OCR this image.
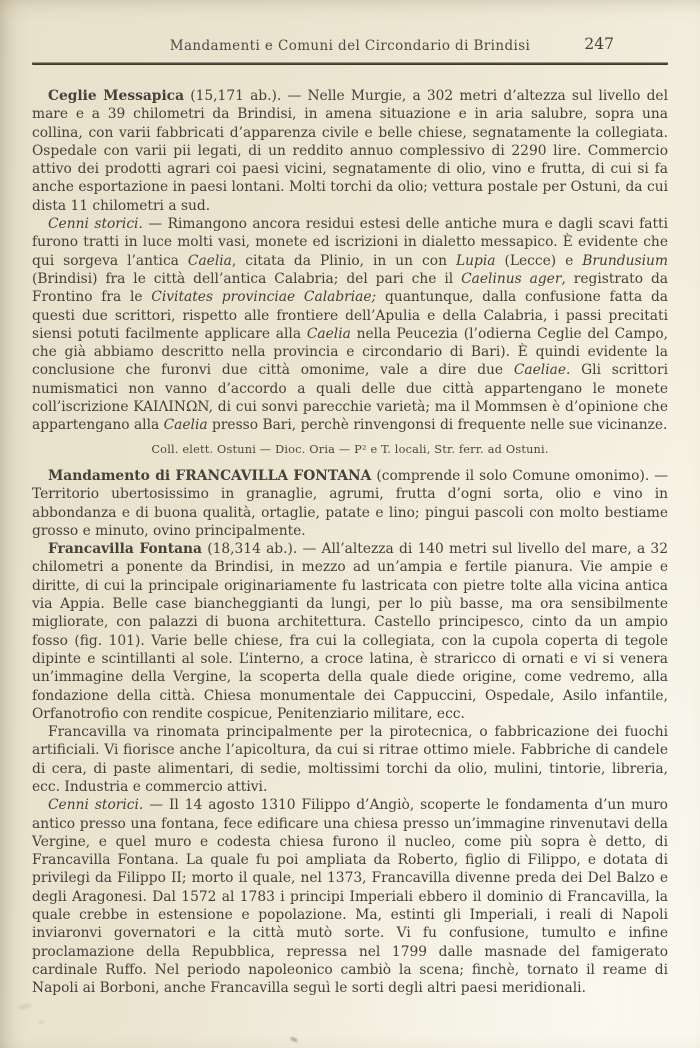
Mandamenti e Comuni del Circondario di Brindisi	247

Ceglie Messapica (15,171 ab.). — Nelle Murgie, a 302 metri d’altezza sul livello del mare e a 39 chilometri da Brindisi, in amena situazione e in aria salubre, sopra una collina, con varii fabbricati d’apparenza civile e belle chiese, segnatamente la collegiata. Ospedale con varii pii legati, di un reddito annuo complessivo di 2290 lire. Commercio attivo dei prodotti agrari coi paesi vicini, segnatamente di olio, vino e frutta, di cui si fa anche esportazione in paesi lontani. Molti torchi da olio; vettura postale per Ostuni, da cui dista 11 chilometri a sud.

Cenni storici. — Rimangono ancora residui estesi delle antiche mura e dagli scavi fatti furono tratti in luce molti vasi, monete ed iscrizioni in dialetto messapico. È evidente che qui sorgeva l’antica Caelia, citata da Plinio, in un con Lupia (Lecce) e Brundusium (Brindisi) fra le città dell’antica Calabria; del pari che il Caelinus ager, registrato da Frontino fra le Civitates provinciae Calabriae; quantunque, dalla confusione fatta da questi due scrittori, rispetto alle frontiere dell’Apulia e della Calabria, i passi precitati siensi potuti facilmente applicare alla Caelia nella Peucezia (l’odierna Ceglie del Campo, che già abbiamo descritto nella provincia e circondario di Bari). È quindi evidente la conclusione che furonvi due città omonime, vale a dire due Caeliae. Gli scrittori numismatici non vanno d’accordo a quali delle due città appartengano le monete coll’iscrizione KAIΛINΩN, di cui sonvi parecchie varietà; ma il Mommsen è d’opinione che appartengano alla Caelia presso Bari, perchè rinvengonsi di frequente nelle sue vicinanze.

Coll. elett. Ostuni — Dioc. Oria — P² e T. locali, Str. ferr. ad Ostuni.

Mandamento di FRANCAVILLA FONTANA (comprende il solo Comune omonimo). — Territorio ubertosissimo in granaglie, agrumi, frutta d’ogni sorta, olio e vino in abbondanza e di buona qualità, ortaglie, patate e lino; pingui pascoli con molto bestiame grosso e minuto, ovino principalmente.

Francavilla Fontana (18,314 ab.). — All’altezza di 140 metri sul livello del mare, a 32 chilometri a ponente da Brindisi, in mezzo ad un’ampia e fertile pianura. Vie ampie e diritte, di cui la principale originariamente fu lastricata con pietre tolte alla vicina antica via Appia. Belle case biancheggianti da lungi, per lo più basse, ma ora sensibilmente migliorate, con palazzi di buona architettura. Castello principesco, cinto da un ampio fosso (fig. 101). Varie belle chiese, fra cui la collegiata, con la cupola coperta di tegole dipinte e scintillanti al sole. L’interno, a croce latina, è straricco di ornati e vi si venera un’immagine della Vergine, la scoperta della quale diede origine, come vedremo, alla fondazione della città. Chiesa monumentale dei Cappuccini, Ospedale, Asilo infantile, Orfanotrofio con rendite cospicue, Penitenziario militare, ecc.

Francavilla va rinomata principalmente per la pirotecnica, o fabbricazione dei fuochi artificiali. Vi fiorisce anche l’apicoltura, da cui si ritrae ottimo miele. Fabbriche di candele di cera, di paste alimentari, di sedie, moltissimi torchi da olio, mulini, tintorie, libreria, ecc. Industria e commercio attivi.

Cenni storici. — Il 14 agosto 1310 Filippo d’Angiò, scoperte le fondamenta d’un muro antico presso una fontana, fece edificare una chiesa presso un’immagine rinvenutavi della Vergine, e quel muro e codesta chiesa furono il nucleo, come più sopra è detto, di Francavilla Fontana. La quale fu poi ampliata da Roberto, figlio di Filippo, e dotata di privilegi da Filippo II; morto il quale, nel 1373, Francavilla divenne preda dei Del Balzo e degli Aragonesi. Dal 1572 al 1783 i principi Imperiali ebbero il dominio di Francavilla, la quale crebbe in estensione e popolazione. Ma, estinti gli Imperiali, i reali di Napoli inviaronvi governatori e la città mutò sorte. Vi fu confusione, tumulto e infine proclamazione della Repubblica, repressa nel 1799 dalle masnade del famigerato cardinale Ruffo. Nel periodo napoleonico cambiò la scena; finchè, tornato il reame di Napoli ai Borboni, anche Francavilla seguì le sorti degli altri paesi meridionali.
